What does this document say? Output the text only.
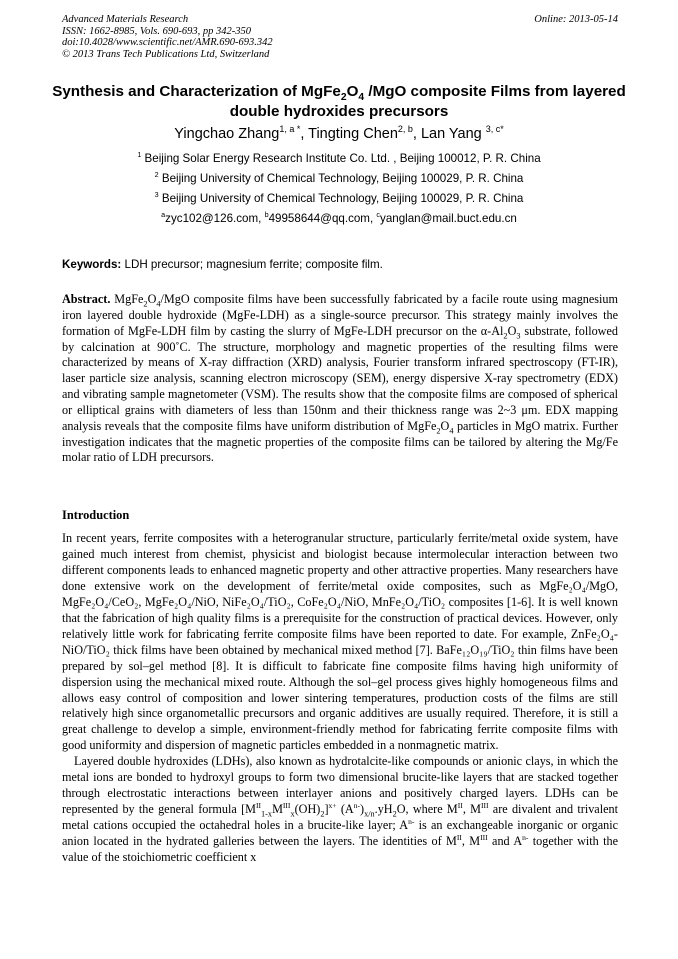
Advanced Materials Research
ISSN: 1662-8985, Vols. 690-693, pp 342-350
doi:10.4028/www.scientific.net/AMR.690-693.342
© 2013 Trans Tech Publications Ltd, Switzerland
Online: 2013-05-14
Synthesis and Characterization of $MgFe_2O_4$ /MgO composite Films from layered double hydroxides precursors
Yingchao Zhang$^{1, a *}$, Tingting Chen$^{2, b}$, Lan Yang $^{3, c*}$
$^1$ Beijing Solar Energy Research Institute Co. Ltd. , Beijing 100012, P. R. China
$^2$ Beijing University of Chemical Technology, Beijing 100029, P. R. China
$^3$ Beijing University of Chemical Technology, Beijing 100029, P. R. China
$^a$zyc102@126.com, $^b$49958644@qq.com, $^c$yanglan@mail.buct.edu.cn
Keywords: LDH precursor; magnesium ferrite; composite film.
Abstract. $MgFe_2O_4$/MgO composite films have been successfully fabricated by a facile route using magnesium iron layered double hydroxide (MgFe-LDH) as a single-source precursor. This strategy mainly involves the formation of MgFe-LDH film by casting the slurry of MgFe-LDH precursor on the $\alpha-Al_2O_3$ substrate, followed by calcination at 900˚C. The structure, morphology and magnetic properties of the resulting films were characterized by means of X-ray diffraction (XRD) analysis, Fourier transform infrared spectroscopy (FT-IR), laser particle size analysis, scanning electron microscopy (SEM), energy dispersive X-ray spectrometry (EDX) and vibrating sample magnetometer (VSM). The results show that the composite films are composed of spherical or elliptical grains with diameters of less than 150nm and their thickness range was 2~3 μm. EDX mapping analysis reveals that the composite films have uniform distribution of $MgFe_2O_4$ particles in MgO matrix. Further investigation indicates that the magnetic properties of the composite films can be tailored by altering the Mg/Fe molar ratio of LDH precursors.
Introduction

In recent years, ferrite composites with a heterogranular structure, particularly ferrite/metal oxide system, have gained much interest from chemist, physicist and biologist because intermolecular interaction between two different components leads to enhanced magnetic property and other attractive properties. Many researchers have done extensive work on the development of ferrite/metal oxide composites, such as MgFe₂O₄/MgO, MgFe₂O₄/CeO₂, MgFe₂O₄/NiO, NiFe₂O₄/TiO₂, CoFe₂O₄/NiO, MnFe₂O₄/TiO₂ composites [1-6]. It is well known that the fabrication of high quality films is a prerequisite for the construction of practical devices. However, only relatively little work for fabricating ferrite composite films have been reported to date. For example, ZnFe₂O₄-NiO/TiO₂ thick films have been obtained by mechanical mixed method [7]. BaFe₁₂O₁₉/TiO₂ thin films have been prepared by sol–gel method [8]. It is difficult to fabricate fine composite films having high uniformity of dispersion using the mechanical mixed route. Although the sol–gel process gives highly homogeneous films and allows easy control of composition and lower sintering temperatures, production costs of the films are still relatively high since organometallic precursors and organic additives are usually required. Therefore, it is still a great challenge to develop a simple, environment-friendly method for fabricating ferrite composite films with good uniformity and dispersion of magnetic particles embedded in a nonmagnetic matrix.

Layered double hydroxides (LDHs), also known as hydrotalcite-like compounds or anionic clays, in which the metal ions are bonded to hydroxyl groups to form two dimensional brucite-like layers that are stacked together through electrostatic interactions between interlayer anions and positively charged layers. LDHs can be represented by the general formula $[M^{II}_{1-x}M^{III}_x(OH)_2]^{x+}$ $(A^{n-})_{x/n}.yH_2O$, where $M^{II}$, $M^{III}$ are divalent and trivalent metal cations occupied the octahedral holes in a brucite-like layer; $A^{n-}$ is an exchangeable inorganic or organic anion located in the hydrated galleries between the layers. The identities of $M^{II}$, $M^{III}$ and $A^{n-}$ together with the value of the stoichiometric coefficient x
